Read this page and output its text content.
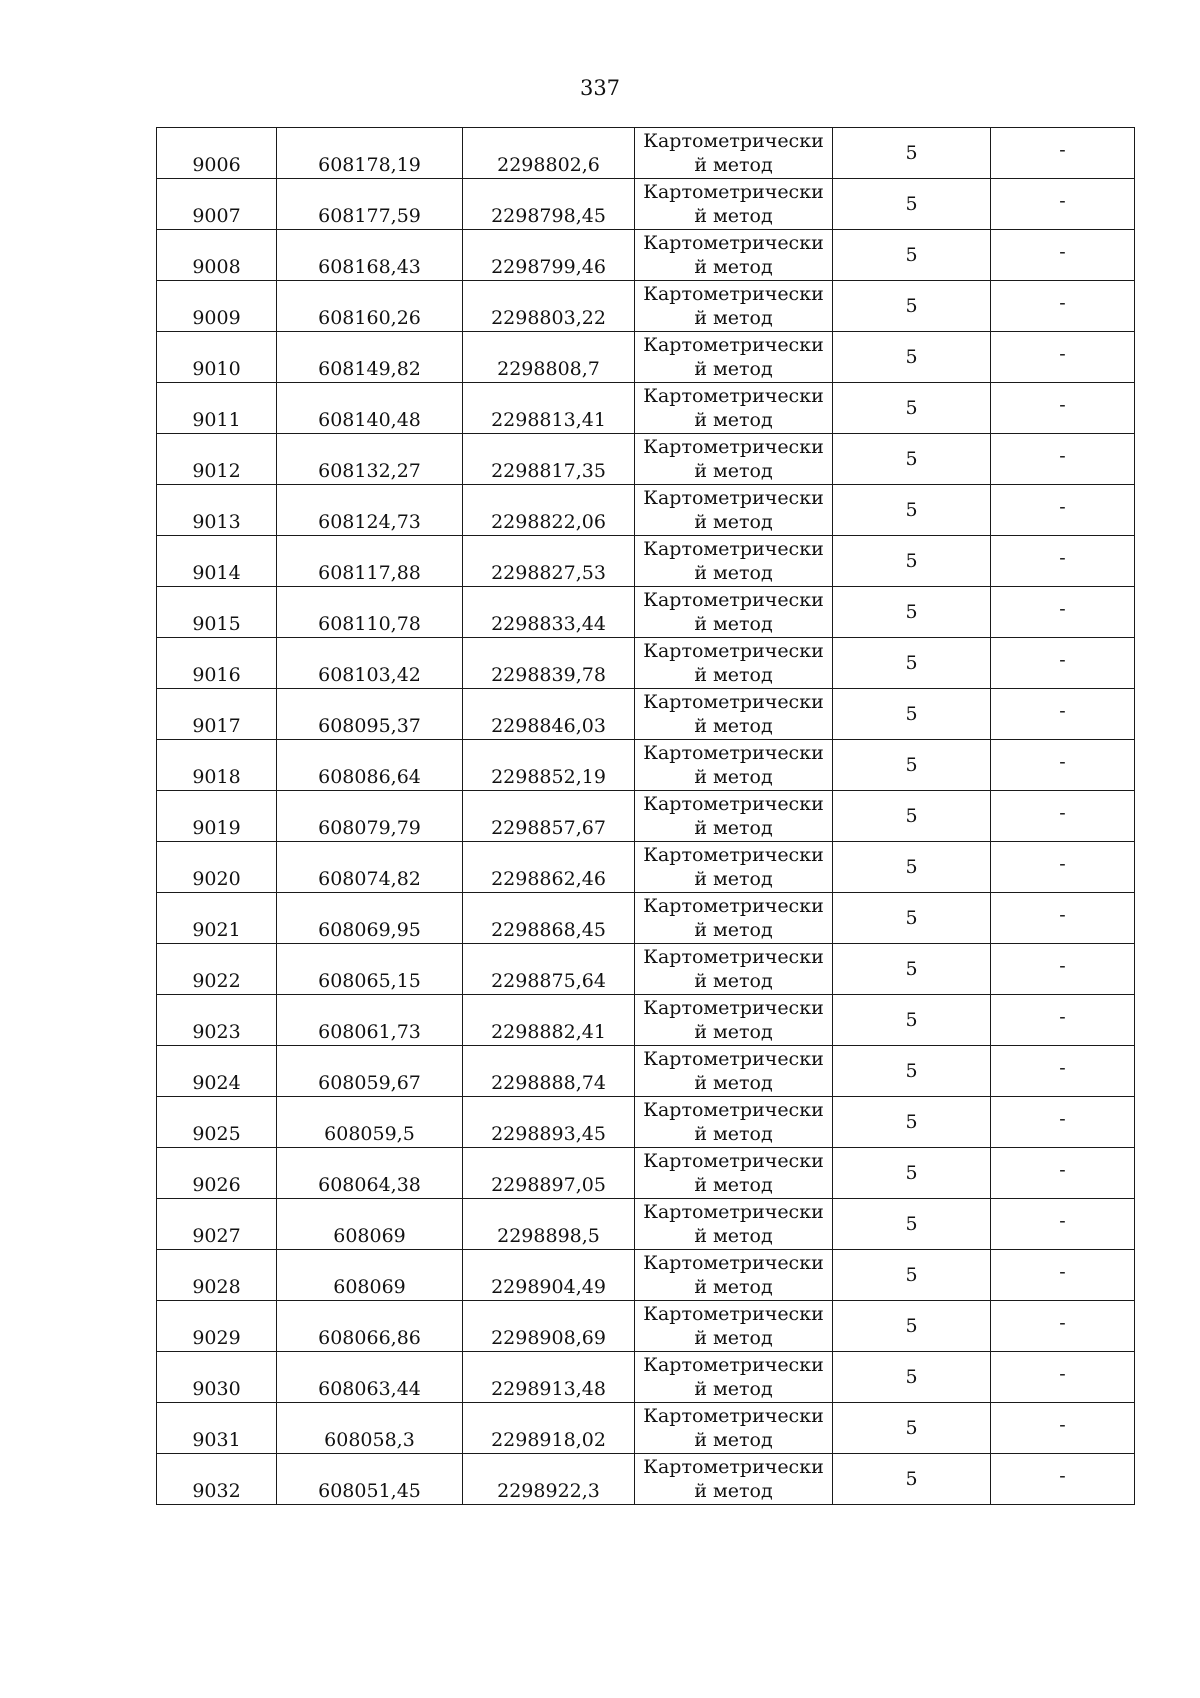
337
9006	608178,19	2298802,6	Картометрически
й метод	5	-
9007	608177,59	2298798,45	Картометрически
й метод	5	-
9008	608168,43	2298799,46	Картометрически
й метод	5	-
9009	608160,26	2298803,22	Картометрически
й метод	5	-
9010	608149,82	2298808,7	Картометрически
й метод	5	-
9011	608140,48	2298813,41	Картометрически
й метод	5	-
9012	608132,27	2298817,35	Картометрически
й метод	5	-
9013	608124,73	2298822,06	Картометрически
й метод	5	-
9014	608117,88	2298827,53	Картометрически
й метод	5	-
9015	608110,78	2298833,44	Картометрически
й метод	5	-
9016	608103,42	2298839,78	Картометрически
й метод	5	-
9017	608095,37	2298846,03	Картометрически
й метод	5	-
9018	608086,64	2298852,19	Картометрически
й метод	5	-
9019	608079,79	2298857,67	Картометрически
й метод	5	-
9020	608074,82	2298862,46	Картометрически
й метод	5	-
9021	608069,95	2298868,45	Картометрически
й метод	5	-
9022	608065,15	2298875,64	Картометрически
й метод	5	-
9023	608061,73	2298882,41	Картометрически
й метод	5	-
9024	608059,67	2298888,74	Картометрически
й метод	5	-
9025	608059,5	2298893,45	Картометрически
й метод	5	-
9026	608064,38	2298897,05	Картометрически
й метод	5	-
9027	608069	2298898,5	Картометрически
й метод	5	-
9028	608069	2298904,49	Картометрически
й метод	5	-
9029	608066,86	2298908,69	Картометрически
й метод	5	-
9030	608063,44	2298913,48	Картометрически
й метод	5	-
9031	608058,3	2298918,02	Картометрически
й метод	5	-
9032	608051,45	2298922,3	Картометрически
й метод	5	-
